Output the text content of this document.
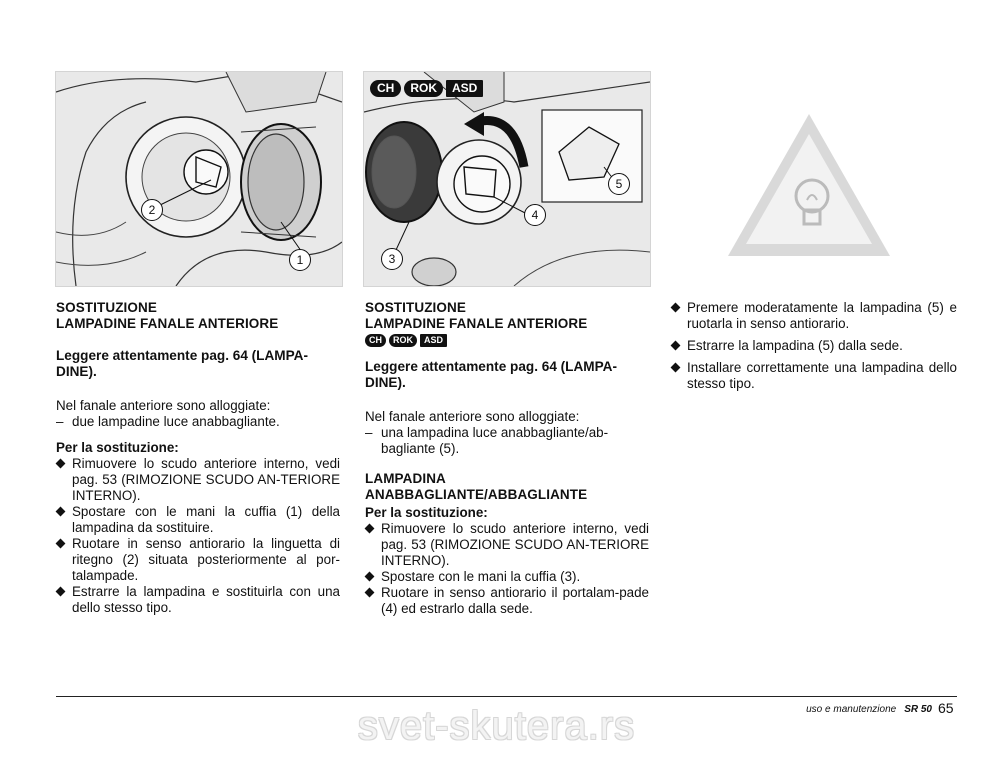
2
1
CH	ROK	ASD
5
4
3
SOSTITUZIONE
LAMPADINE FANALE ANTERIORE
Leggere attentamente pag. 64 (LAMPA-DINE).
Nel fanale anteriore sono alloggiate:
– due lampadine luce anabbagliante.
Per la sostituzione:
Rimuovere lo scudo anteriore interno, vedi pag. 53 (RIMOZIONE SCUDO AN-TERIORE INTERNO).
Spostare con le mani la cuffia (1) della lampadina da sostituire.
Ruotare in senso antiorario la linguetta di ritegno (2) situata posteriormente al por-talampade.
Estrarre la lampadina e sostituirla con una dello stesso tipo.
SOSTITUZIONE
LAMPADINE FANALE ANTERIORE
CH	ROK	ASD
Leggere attentamente pag. 64 (LAMPA-DINE).
Nel fanale anteriore sono alloggiate:
– una lampadina luce anabbagliante/ab-bagliante (5).
LAMPADINA
ANABBAGLIANTE/ABBAGLIANTE
Per la sostituzione:
Rimuovere lo scudo anteriore interno, vedi pag. 53 (RIMOZIONE SCUDO AN-TERIORE INTERNO).
Spostare con le mani la cuffia (3).
Ruotare in senso antiorario il portalam-pade (4) ed estrarlo dalla sede.
Premere moderatamente la lampadina (5) e ruotarla in senso antiorario.
Estrarre la lampadina (5) dalla sede.
Installare correttamente una lampadina dello stesso tipo.
uso e manutenzione SR 50 65
svet-skutera.rs
